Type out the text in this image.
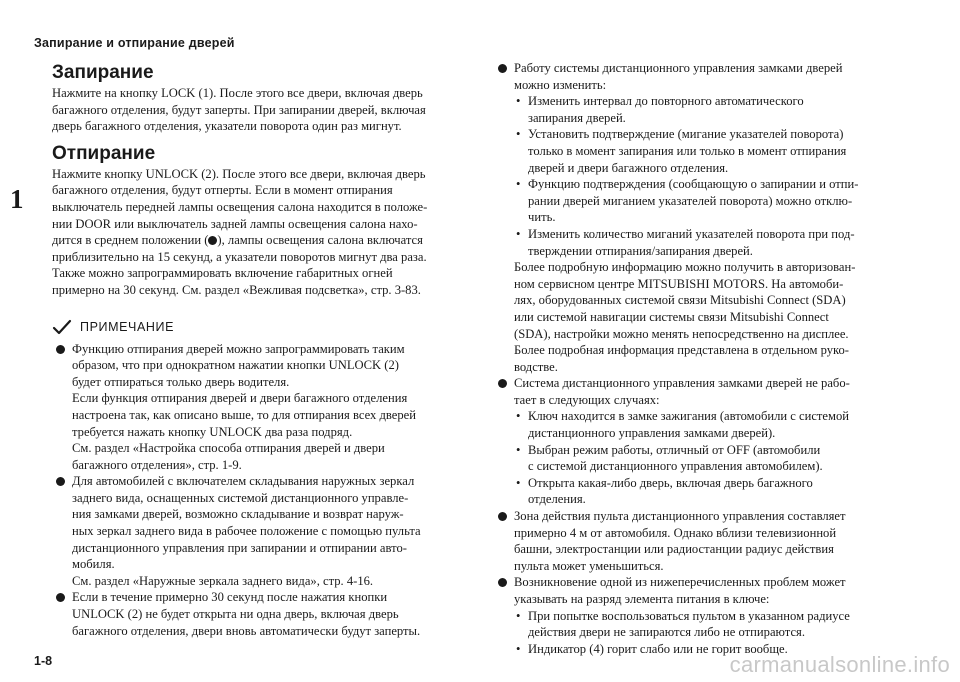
Запирание и отпирание дверей
1
Запирание
Нажмите на кнопку LOCK (1). После этого все двери, включая дверь
багажного отделения, будут заперты. При запирании дверей, включая
дверь багажного отделения, указатели поворота один раз мигнут.
Отпирание
Нажмите кнопку UNLOCK (2). После этого все двери, включая дверь
багажного отделения, будут отперты. Если в момент отпирания
выключатель передней лампы освещения салона находится в положе-
нии DOOR или выключатель задней лампы освещения салона нахо-
дится в среднем положении ( ), лампы освещения салона включатся
приблизительно на 15 секунд, а указатели поворотов мигнут два раза.
Также можно запрограммировать включение габаритных огней
примерно на 30 секунд. См. раздел «Вежливая подсветка», стр. 3-83.
ПРИМЕЧАНИЕ
Функцию отпирания дверей можно запрограммировать таким
образом, что при однократном нажатии кнопки UNLOCK (2)
будет отпираться только дверь водителя.
Если функция отпирания дверей и двери багажного отделения
настроена так, как описано выше, то для отпирания всех дверей
требуется нажать кнопку UNLOCK два раза подряд.
См. раздел «Настройка способа отпирания дверей и двери
багажного отделения», стр. 1-9.
Для автомобилей с включателем складывания наружных зеркал
заднего вида, оснащенных системой дистанционного управле-
ния замками дверей, возможно складывание и возврат наруж-
ных зеркал заднего вида в рабочее положение с помощью пульта
дистанционного управления при запирании и отпирании авто-
мобиля.
См. раздел «Наружные зеркала заднего вида», стр. 4-16.
Если в течение примерно 30 секунд после нажатия кнопки
UNLOCK (2) не будет открыта ни одна дверь, включая дверь
багажного отделения, двери вновь автоматически будут заперты.
Работу системы дистанционного управления замками дверей
можно изменить:
• Изменить интервал до повторного автоматического
запирания дверей.
• Установить подтверждение (мигание указателей поворота)
только в момент запирания или только в момент отпирания
дверей и двери багажного отделения.
• Функцию подтверждения (сообщающую о запирании и отпи-
рании дверей миганием указателей поворота) можно отклю-
чить.
• Изменить количество миганий указателей поворота при под-
тверждении отпирания/запирания дверей.
Более подробную информацию можно получить в авторизован-
ном сервисном центре MITSUBISHI MOTORS. На автомоби-
лях, оборудованных системой связи Mitsubishi Connect (SDA)
или системой навигации системы связи Mitsubishi Connect
(SDA), настройки можно менять непосредственно на дисплее.
Более подробная информация представлена в отдельном руко-
водстве.
Система дистанционного управления замками дверей не рабо-
тает в следующих случаях:
• Ключ находится в замке зажигания (автомобили с системой
дистанционного управления замками дверей).
• Выбран режим работы, отличный от OFF (автомобили
с системой дистанционного управления автомобилем).
• Открыта какая-либо дверь, включая дверь багажного
отделения.
Зона действия пульта дистанционного управления составляет
примерно 4 м от автомобиля. Однако вблизи телевизионной
башни, электростанции или радиостанции радиус действия
пульта может уменьшиться.
Возникновение одной из нижеперечисленных проблем может
указывать на разряд элемента питания в ключе:
• При попытке воспользоваться пультом в указанном радиусе
действия двери не запираются либо не отпираются.
• Индикатор (4) горит слабо или не горит вообще.
1-8	carmanualsonline.info
